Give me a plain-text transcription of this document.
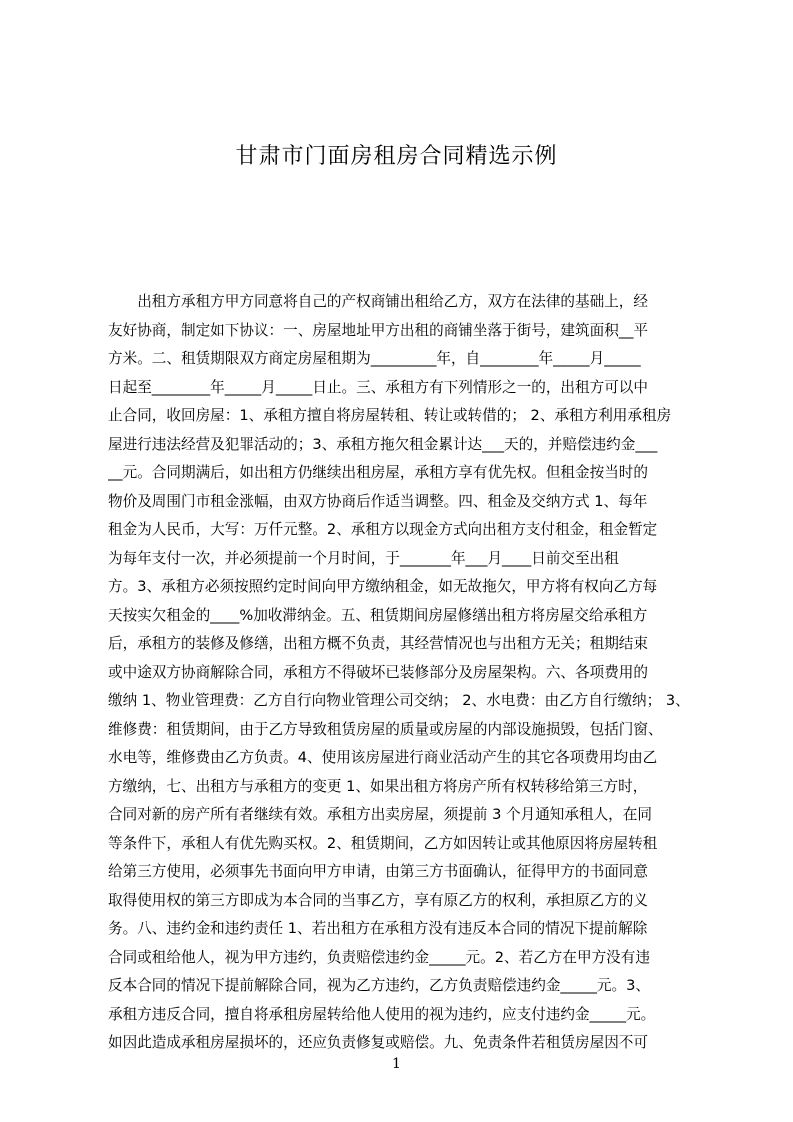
甘肃市门面房租房合同精选示例
　　出租方承租方甲方同意将自己的产权商铺出租给乙方，双方在法律的基础上，经
友好协商，制定如下协议：一、房屋地址甲方出租的商铺坐落于街号，建筑面积__平
方米。二、租赁期限双方商定房屋租期为_________年，自________年_____月_____
日起至________年_____月_____日止。三、承租方有下列情形之一的，出租方可以中
止合同，收回房屋：1、承租方擅自将房屋转租、转让或转借的； 2、承租方利用承租房
屋进行违法经营及犯罪活动的；3、承租方拖欠租金累计达___天的，并赔偿违约金___
__元。合同期满后，如出租方仍继续出租房屋，承租方享有优先权。但租金按当时的
物价及周围门市租金涨幅，由双方协商后作适当调整。四、租金及交纳方式 1、每年
租金为人民币，大写：万仟元整。2、承租方以现金方式向出租方支付租金，租金暂定
为每年支付一次，并必须提前一个月时间，于_______年___月____日前交至出租
方。3、承租方必须按照约定时间向甲方缴纳租金，如无故拖欠，甲方将有权向乙方每
天按实欠租金的____%加收滞纳金。五、租赁期间房屋修缮出租方将房屋交给承租方
后，承租方的装修及修缮，出租方概不负责，其经营情况也与出租方无关；租期结束
或中途双方协商解除合同，承租方不得破坏已装修部分及房屋架构。六、各项费用的
缴纳 1、物业管理费：乙方自行向物业管理公司交纳； 2、水电费：由乙方自行缴纳； 3、
维修费：租赁期间，由于乙方导致租赁房屋的质量或房屋的内部设施损毁，包括门窗、
水电等，维修费由乙方负责。4、使用该房屋进行商业活动产生的其它各项费用均由乙
方缴纳，七、出租方与承租方的变更 1、如果出租方将房产所有权转移给第三方时，
合同对新的房产所有者继续有效。承租方出卖房屋，须提前 3 个月通知承租人，在同
等条件下，承租人有优先购买权。2、租赁期间，乙方如因转让或其他原因将房屋转租
给第三方使用，必须事先书面向甲方申请，由第三方书面确认，征得甲方的书面同意
取得使用权的第三方即成为本合同的当事乙方，享有原乙方的权利，承担原乙方的义
务。八、违约金和违约责任 1、若出租方在承租方没有违反本合同的情况下提前解除
合同或租给他人，视为甲方违约，负责赔偿违约金_____元。2、若乙方在甲方没有违
反本合同的情况下提前解除合同，视为乙方违约，乙方负责赔偿违约金_____元。3、
承租方违反合同，擅自将承租房屋转给他人使用的视为违约，应支付违约金_____元。
如因此造成承租房屋损坏的，还应负责修复或赔偿。九、免责条件若租赁房屋因不可
1
